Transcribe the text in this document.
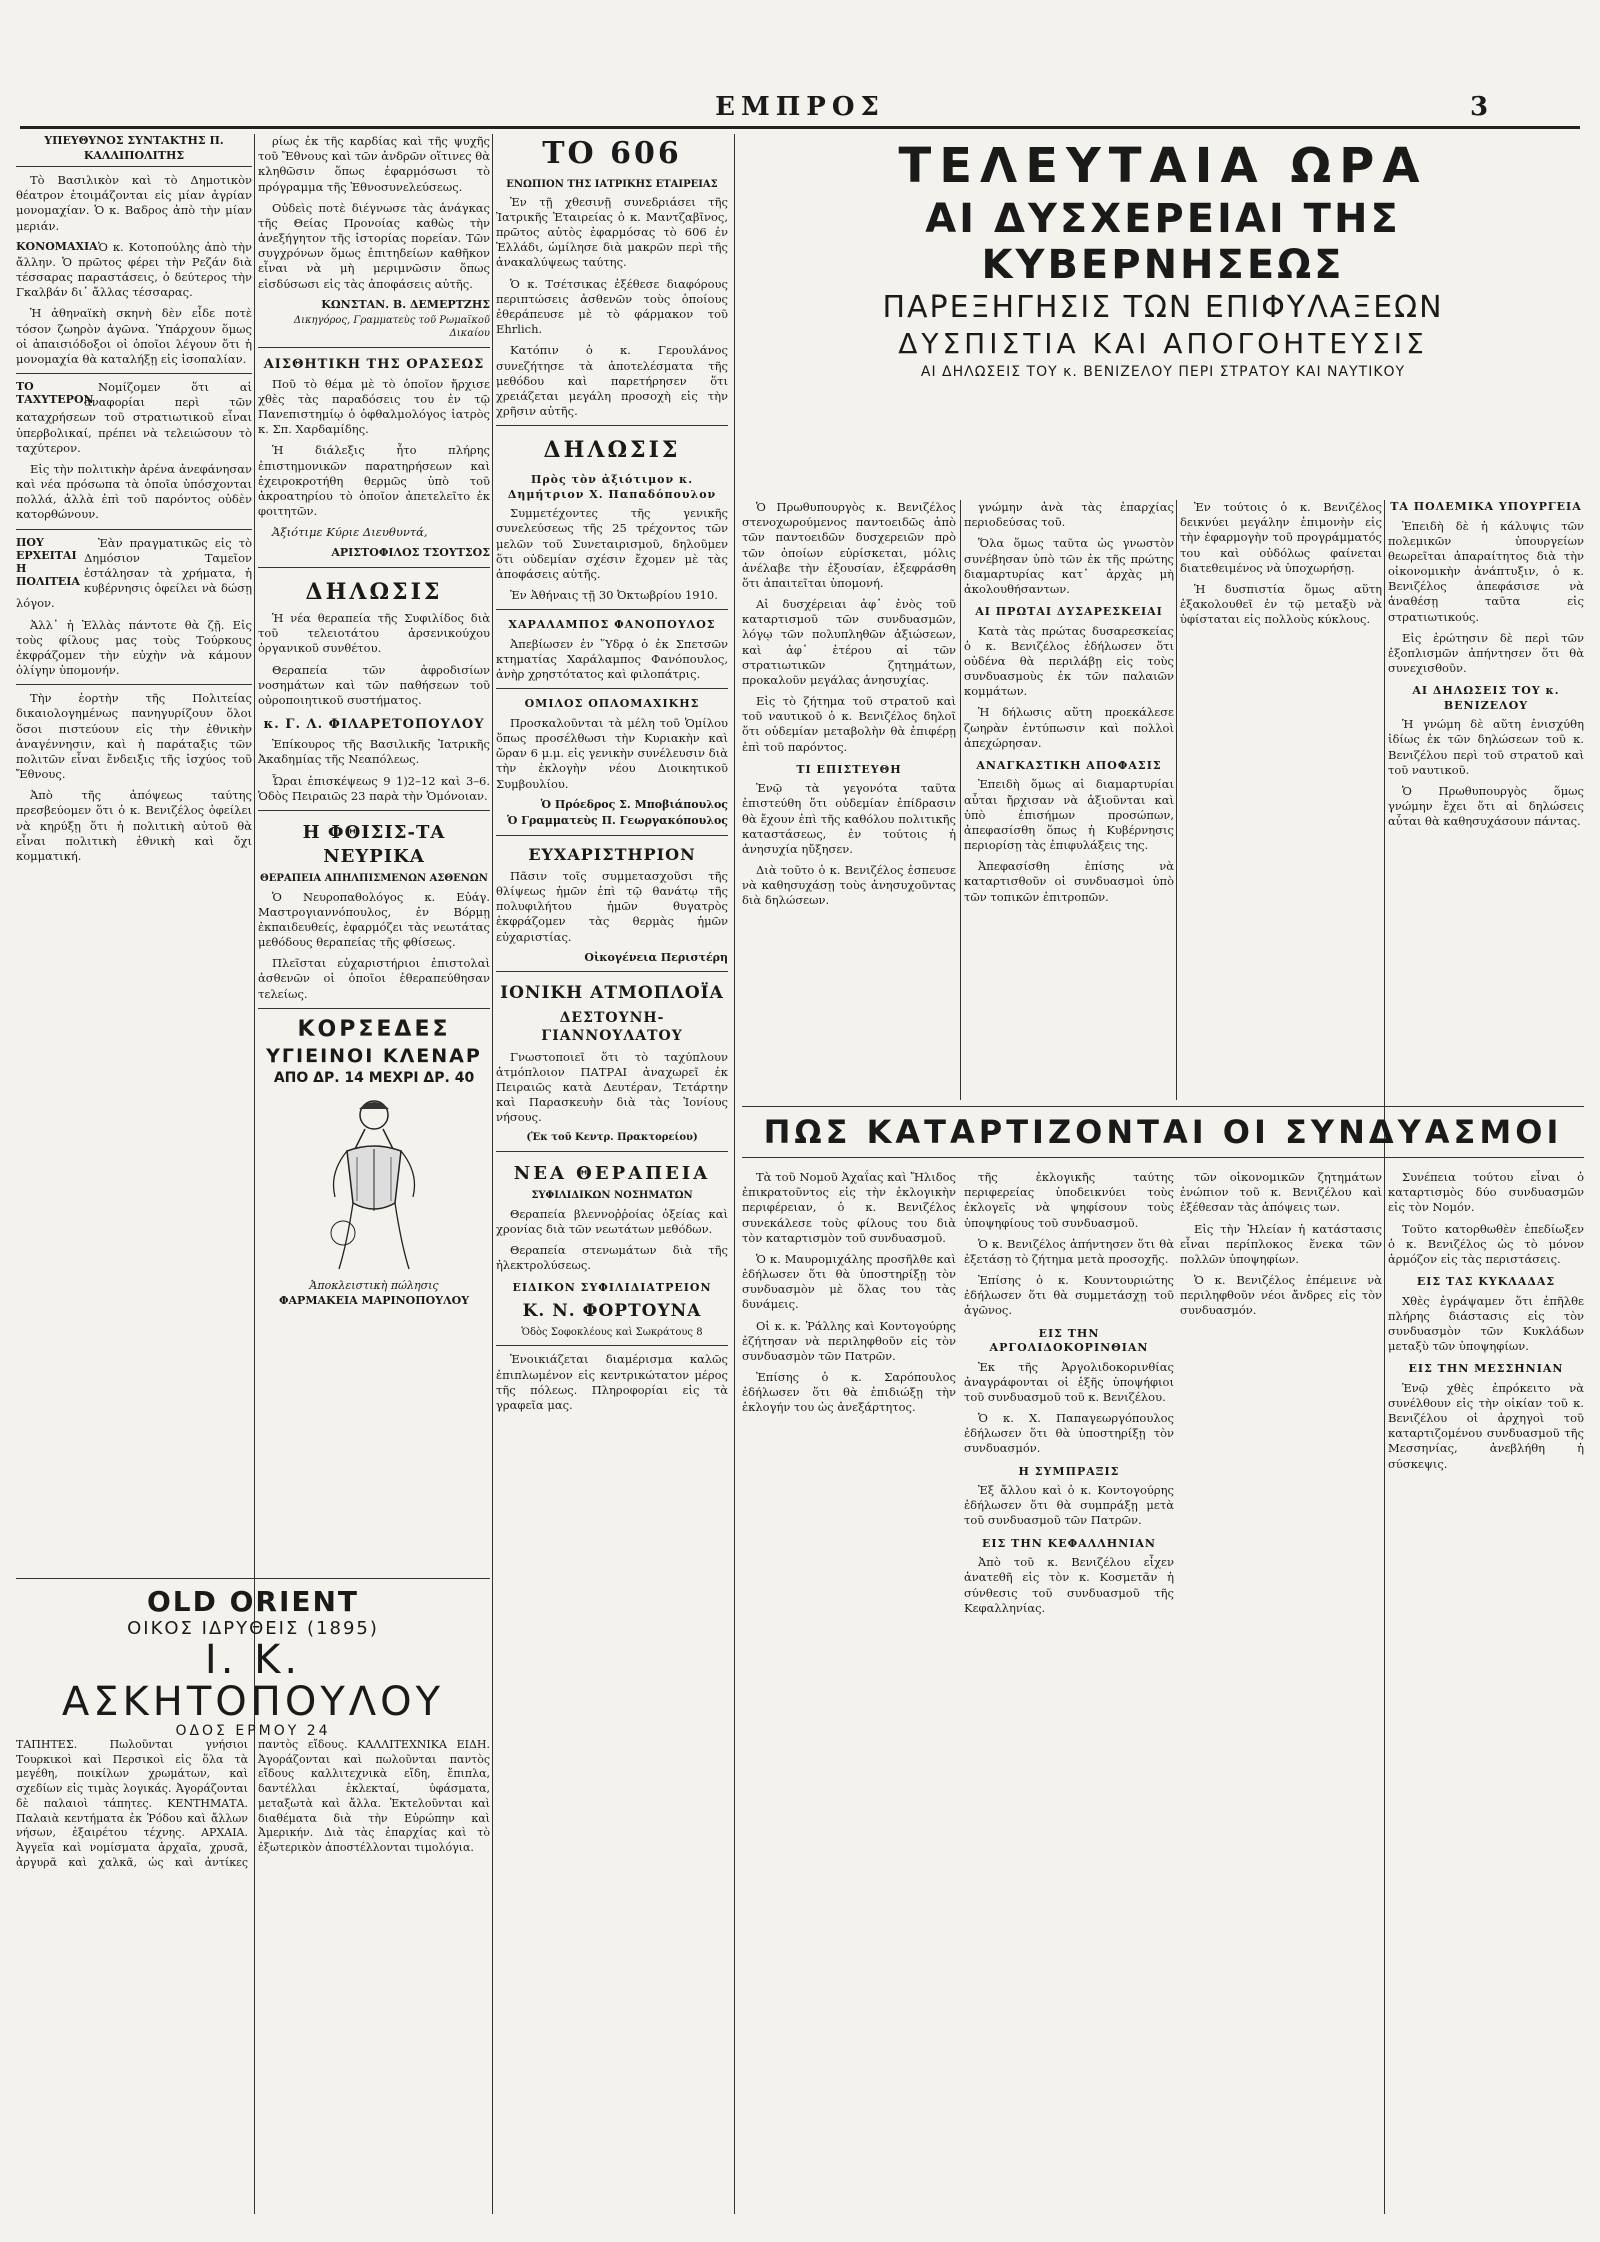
ΕΜΠΡΟΣ	3
ΥΠΕΥΘΥΝΟΣ ΣΥΝΤΑΚΤΗΣ Π. ΚΑΛΛΙΠΟΛΙΤΗΣ

Τὸ Βασιλικὸν καὶ τὸ Δημοτικὸν θέατρον ἑτοιμάζονται εἰς μίαν ἀγρίαν μονομαχίαν. Ὁ κ. Βαδρος ἀπὸ τὴν μίαν μεριάν.

ΚΟΝΟΜΑΧΙΑ Ὁ κ. Κοτοπούλης ἀπὸ τὴν ἄλλην. Ὁ πρῶτος φέρει τὴν Ρεζάν διὰ τέσσαρας παραστάσεις, ὁ δεύτερος τὴν Γκαλβάν δι᾽ ἄλλας τέσσαρας.

Ἡ ἀθηναϊκὴ σκηνὴ δὲν εἶδε ποτὲ τόσον ζωηρὸν ἀγῶνα. Ὑπάρχουν ὅμως οἱ ἀπαισιόδοξοι οἱ ὁποῖοι λέγουν ὅτι ἡ μονομαχία θὰ καταλήξῃ εἰς ἰσοπαλίαν.

ΤΟ ΤΑΧΥΤΕΡΟΝ

Νομίζομεν ὅτι αἱ ἀναφορίαι περὶ τῶν καταχρήσεων τοῦ στρατιωτικοῦ εἶναι ὑπερβολικαί, πρέπει νὰ τελειώσουν τὸ ταχύτερον.

Εἰς τὴν πολιτικὴν ἀρένα ἀνεφάνησαν καὶ νέα πρόσωπα τὰ ὁποῖα ὑπόσχονται πολλά, ἀλλὰ ἐπὶ τοῦ παρόντος οὐδὲν κατορθώνουν.

ΠΟΥ ΕΡΧΕΙΤΑΙ Η ΠΟΛΙΤΕΙΑ

Ἐὰν πραγματικῶς εἰς τὸ Δημόσιον Ταμεῖον ἐστάλησαν τὰ χρήματα, ἡ κυβέρνησις ὀφείλει νὰ δώσῃ λόγον.

Ἀλλ᾽ ἡ Ἑλλὰς πάντοτε θὰ ζῇ. Εἰς τοὺς φίλους μας τοὺς Τούρκους ἐκφράζομεν τὴν εὐχὴν νὰ κάμουν ὀλίγην ὑπομονήν.

Τὴν ἑορτὴν τῆς Πολιτείας δικαιολογημένως πανηγυρίζουν ὅλοι ὅσοι πιστεύουν εἰς τὴν ἐθνικὴν ἀναγέννησιν, καὶ ἡ παράταξις τῶν πολιτῶν εἶναι ἔνδειξις τῆς ἰσχύος τοῦ Ἔθνους.

Ἀπὸ τῆς ἀπόψεως ταύτης πρεσβεύομεν ὅτι ὁ κ. Βενιζέλος ὀφείλει νὰ κηρύξῃ ὅτι ἡ πολιτικὴ αὐτοῦ θὰ εἶναι πολιτικὴ ἐθνικὴ καὶ ὄχι κομματική.

ρίως ἐκ τῆς καρδίας καὶ τῆς ψυχῆς τοῦ Ἔθνους καὶ τῶν ἀνδρῶν οἵτινες θὰ κληθῶσιν ὅπως ἐφαρμόσωσι τὸ πρόγραμμα τῆς Ἐθνοσυνελεύσεως.

Οὐδεὶς ποτὲ διέγνωσε τὰς ἀνάγκας τῆς Θείας Προνοίας καθὼς τὴν ἀνεξήγητον τῆς ἱστορίας πορείαν. Τῶν συγχρόνων ὅμως ἐπιτηδείων καθῆκον εἶναι νὰ μὴ μεριμνῶσιν ὅπως εἰσδύσωσι εἰς τὰς ἀποφάσεις αὐτῆς.

ΚΩΝΣΤΑΝ. Β. ΔΕΜΕΡΤΖΗΣ
Δικηγόρος, Γραμματεὺς τοῦ Ρωμαϊκοῦ Δικαίου
ΑΙΣΘΗΤΙΚΗ ΤΗΣ ΟΡΑΣΕΩΣ

Ποῦ τὸ θέμα μὲ τὸ ὁποῖον ἤρχισε χθὲς τὰς παραδόσεις του ἐν τῷ Πανεπιστημίῳ ὁ ὀφθαλμολόγος ἰατρὸς κ. Σπ. Χαρδαμίδης.

Ἡ διάλεξις ἦτο πλήρης ἐπιστημονικῶν παρατηρήσεων καὶ ἐχειροκροτήθη θερμῶς ὑπὸ τοῦ ἀκροατηρίου τὸ ὁποῖον ἀπετελεῖτο ἐκ φοιτητῶν.

Ἀξιότιμε Κύριε Διευθυντά,

ΑΡΙΣΤΟΦΙΛΟΣ ΤΣΟΥΤΣΟΣ
ΔΗΛΩΣΙΣ

Ἡ νέα θεραπεία τῆς Συφιλίδος διὰ τοῦ τελειοτάτου ἀρσενικούχου ὀργανικοῦ συνθέτου.

Θεραπεία τῶν ἀφροδισίων νοσημάτων καὶ τῶν παθήσεων τοῦ οὐροποιητικοῦ συστήματος.

κ. Γ. Λ. ΦΙΛΑΡΕΤΟΠΟΥΛΟΥ

Ἐπίκουρος τῆς Βασιλικῆς Ἰατρικῆς Ἀκαδημίας τῆς Νεαπόλεως.

Ὧραι ἐπισκέψεως 9 1)2–12 καὶ 3–6. Ὁδὸς Πειραιῶς 23 παρὰ τὴν Ὁμόνοιαν.

Η ΦΘΙΣΙΣ-ΤΑ ΝΕΥΡΙΚΑ
ΘΕΡΑΠΕΙΑ ΑΠΗΛΠΙΣΜΕΝΩΝ ΑΣΘΕΝΩΝ

Ὁ Νευροπαθολόγος κ. Εὐάγ. Μαστρογιαννόπουλος, ἐν Βόρμῃ ἐκπαιδευθείς, ἐφαρμόζει τὰς νεωτάτας μεθόδους θεραπείας τῆς φθίσεως.

Πλεῖσται εὐχαριστήριοι ἐπιστολαὶ ἀσθενῶν οἱ ὁποῖοι ἐθεραπεύθησαν τελείως.

ΚΟΡΣΕΔΕΣ
ΥΓΙΕΙΝΟΙ ΚΛΕΝΑΡ
ΑΠΟ ΔΡ. 14 ΜΕΧΡΙ ΔΡ. 40
Ἀποκλειστικὴ πώλησις
ΦΑΡΜΑΚΕΙΑ ΜΑΡΙΝΟΠΟΥΛΟΥ
ΤΟ 606
ΕΝΩΠΙΟΝ ΤΗΣ ΙΑΤΡΙΚΗΣ ΕΤΑΙΡΕΙΑΣ

Ἐν τῇ χθεσινῇ συνεδριάσει τῆς Ἰατρικῆς Ἑταιρείας ὁ κ. Μαντζαβῖνος, πρῶτος αὐτὸς ἐφαρμόσας τὸ 606 ἐν Ἑλλάδι, ὡμίλησε διὰ μακρῶν περὶ τῆς ἀνακαλύψεως ταύτης.

Ὁ κ. Τσέτσικας ἐξέθεσε διαφόρους περιπτώσεις ἀσθενῶν τοὺς ὁποίους ἐθεράπευσε μὲ τὸ φάρμακον τοῦ Ehrlich.

Κατόπιν ὁ κ. Γερουλάνος συνεζήτησε τὰ ἀποτελέσματα τῆς μεθόδου καὶ παρετήρησεν ὅτι χρειάζεται μεγάλη προσοχὴ εἰς τὴν χρῆσιν αὐτῆς.

ΔΗΛΩΣΙΣ
Πρὸς τὸν ἀξιότιμον κ. Δημήτριον Χ. Παπαδόπουλον

Συμμετέχοντες τῆς γενικῆς συνελεύσεως τῆς 25 τρέχοντος τῶν μελῶν τοῦ Συνεταιρισμοῦ, δηλοῦμεν ὅτι οὐδεμίαν σχέσιν ἔχομεν μὲ τὰς ἀποφάσεις αὐτῆς.

Ἐν Ἀθήναις τῇ 30 Ὀκτωβρίου 1910.

ΧΑΡΑΛΑΜΠΟΣ ΦΑΝΟΠΟΥΛΟΣ

Ἀπεβίωσεν ἐν Ὕδρᾳ ὁ ἐκ Σπετσῶν κτηματίας Χαράλαμπος Φανόπουλος, ἀνὴρ χρηστότατος καὶ φιλοπάτρις.

ΟΜΙΛΟΣ ΟΠΛΟΜΑΧΙΚΗΣ

Προσκαλοῦνται τὰ μέλη τοῦ Ὁμίλου ὅπως προσέλθωσι τὴν Κυριακὴν καὶ ὥραν 6 μ.μ. εἰς γενικὴν συνέλευσιν διὰ τὴν ἐκλογὴν νέου Διοικητικοῦ Συμβουλίου.

Ὁ Πρόεδρος Σ. Μποβιάπουλος
Ὁ Γραμματεὺς Π. Γεωργακόπουλος
ΕΥΧΑΡΙΣΤΗΡΙΟΝ

Πᾶσιν τοῖς συμμετασχοῦσι τῆς θλίψεως ἡμῶν ἐπὶ τῷ θανάτῳ τῆς πολυφιλήτου ἡμῶν θυγατρὸς ἐκφράζομεν τὰς θερμὰς ἡμῶν εὐχαριστίας.

Οἰκογένεια Περιστέρη
ΙΟΝΙΚΗ ΑΤΜΟΠΛΟΪΑ
ΔΕΣΤΟΥΝΗ-ΓΙΑΝΝΟΥΛΑΤΟΥ

Γνωστοποιεῖ ὅτι τὸ ταχύπλουν ἀτμόπλοιον ΠΑΤΡΑΙ ἀναχωρεῖ ἐκ Πειραιῶς κατὰ Δευτέραν, Τετάρτην καὶ Παρασκευὴν διὰ τὰς Ἰονίους νήσους.

(Ἐκ τοῦ Κεντρ. Πρακτορείου)
ΝΕΑ ΘΕΡΑΠΕΙΑ
ΣΥΦΙΛΙΔΙΚΩΝ ΝΟΣΗΜΑΤΩΝ

Θεραπεία βλεννοῤῥοίας ὀξείας καὶ χρονίας διὰ τῶν νεωτάτων μεθόδων.

Θεραπεία στενωμάτων διὰ τῆς ἠλεκτρολύσεως.

ΕΙΔΙΚΟΝ ΣΥΦΙΛΙΔΙΑΤΡΕΙΟΝ
Κ. Ν. ΦΟΡΤΟΥΝΑ
Ὁδὸς Σοφοκλέους καὶ Σωκράτους 8

Ἐνοικιάζεται διαμέρισμα καλῶς ἐπιπλωμένον εἰς κεντρικώτατον μέρος τῆς πόλεως. Πληροφορίαι εἰς τὰ γραφεῖα μας.

ΤΕΛΕΥΤΑΙΑ ΩΡΑ
ΑΙ ΔΥΣΧΕΡΕΙΑΙ ΤΗΣ ΚΥΒΕΡΝΗΣΕΩΣ
ΠΑΡΕΞΗΓΗΣΙΣ ΤΩΝ ΕΠΙΦΥΛΑΞΕΩΝ
ΔΥΣΠΙΣΤΙΑ ΚΑΙ ΑΠΟΓΟΗΤΕΥΣΙΣ
ΑΙ ΔΗΛΩΣΕΙΣ ΤΟΥ κ. ΒΕΝΙΖΕΛΟΥ ΠΕΡΙ ΣΤΡΑΤΟΥ ΚΑΙ ΝΑΥΤΙΚΟΥ

Ὁ Πρωθυπουργὸς κ. Βενιζέλος στενοχωρούμενος παντοειδῶς ἀπὸ τῶν παντοειδῶν δυσχερειῶν πρὸ τῶν ὁποίων εὑρίσκεται, μόλις ἀνέλαβε τὴν ἐξουσίαν, ἐξεφράσθη ὅτι ἀπαιτεῖται ὑπομονή.

Αἱ δυσχέρειαι ἀφ᾽ ἑνὸς τοῦ καταρτισμοῦ τῶν συνδυασμῶν, λόγῳ τῶν πολυπληθῶν ἀξιώσεων, καὶ ἀφ᾽ ἑτέρου αἱ τῶν στρατιωτικῶν ζητημάτων, προκαλοῦν μεγάλας ἀνησυχίας.

Εἰς τὸ ζήτημα τοῦ στρατοῦ καὶ τοῦ ναυτικοῦ ὁ κ. Βενιζέλος δηλοῖ ὅτι οὐδεμίαν μεταβολὴν θὰ ἐπιφέρῃ ἐπὶ τοῦ παρόντος.

ΤΙ ΕΠΙΣΤΕΥΘΗ

Ἐνῷ τὰ γεγονότα ταῦτα ἐπιστεύθη ὅτι οὐδεμίαν ἐπίδρασιν θὰ ἔχουν ἐπὶ τῆς καθόλου πολιτικῆς καταστάσεως, ἐν τούτοις ἡ ἀνησυχία ηὔξησεν.

Διὰ τοῦτο ὁ κ. Βενιζέλος ἐσπευσε νὰ καθησυχάσῃ τοὺς ἀνησυχοῦντας διὰ δηλώσεων.

γνώμην ἀνὰ τὰς ἐπαρχίας περιοδεύσας τοῦ.

Ὅλα ὅμως ταῦτα ὡς γνωστὸν συνέβησαν ὑπὸ τῶν ἐκ τῆς πρώτης διαμαρτυρίας κατ᾽ ἀρχὰς μὴ ἀκολουθήσαντων.

ΑΙ ΠΡΩΤΑΙ ΔΥΣΑΡΕΣΚΕΙΑΙ

Κατὰ τὰς πρώτας δυσαρεσκείας ὁ κ. Βενιζέλος ἐδήλωσεν ὅτι οὐδένα θὰ περιλάβῃ εἰς τοὺς συνδυασμοὺς ἐκ τῶν παλαιῶν κομμάτων.

Ἡ δήλωσις αὕτη προεκάλεσε ζωηρὰν ἐντύπωσιν καὶ πολλοὶ ἀπεχώρησαν.

ΑΝΑΓΚΑΣΤΙΚΗ ΑΠΟΦΑΣΙΣ

Ἐπειδὴ ὅμως αἱ διαμαρτυρίαι αὗται ἤρχισαν νὰ ἀξιοῦνται καὶ ὑπὸ ἐπισήμων προσώπων, ἀπεφασίσθη ὅπως ἡ Κυβέρνησις περιορίσῃ τὰς ἐπιφυλάξεις της.

Ἀπεφασίσθη ἐπίσης νὰ καταρτισθοῦν οἱ συνδυασμοὶ ὑπὸ τῶν τοπικῶν ἐπιτροπῶν.

Ἐν τούτοις ὁ κ. Βενιζέλος δεικνύει μεγάλην ἐπιμονὴν εἰς τὴν ἐφαρμογὴν τοῦ προγράμματός του καὶ οὐδόλως φαίνεται διατεθειμένος νὰ ὑποχωρήσῃ.

Ἡ δυσπιστία ὅμως αὕτη ἐξακολουθεῖ ἐν τῷ μεταξὺ νὰ ὑφίσταται εἰς πολλοὺς κύκλους.

ΤΑ ΠΟΛΕΜΙΚΑ ΥΠΟΥΡΓΕΙΑ

Ἐπειδὴ δὲ ἡ κάλυψις τῶν πολεμικῶν ὑπουργείων θεωρεῖται ἀπαραίτητος διὰ τὴν οἰκονομικὴν ἀνάπτυξιν, ὁ κ. Βενιζέλος ἀπεφάσισε νὰ ἀναθέσῃ ταῦτα εἰς στρατιωτικούς.

Εἰς ἐρώτησιν δὲ περὶ τῶν ἐξοπλισμῶν ἀπήντησεν ὅτι θὰ συνεχισθοῦν.

ΑΙ ΔΗΛΩΣΕΙΣ ΤΟΥ κ. ΒΕΝΙΖΕΛΟΥ

Ἡ γνώμη δὲ αὕτη ἐνισχύθη ἰδίως ἐκ τῶν δηλώσεων τοῦ κ. Βενιζέλου περὶ τοῦ στρατοῦ καὶ τοῦ ναυτικοῦ.

Ὁ Πρωθυπουργὸς ὅμως γνώμην ἔχει ὅτι αἱ δηλώσεις αὗται θὰ καθησυχάσουν πάντας.

ΠΩΣ ΚΑΤΑΡΤΙΖΟΝΤΑΙ ΟΙ ΣΥΝΔΥΑΣΜΟΙ

Τὰ τοῦ Νομοῦ Ἀχαΐας καὶ Ἤλιδος ἐπικρατοῦντος εἰς τὴν ἐκλογικὴν περιφέρειαν, ὁ κ. Βενιζέλος συνεκάλεσε τοὺς φίλους του διὰ τὸν καταρτισμὸν τοῦ συνδυασμοῦ.

Ὁ κ. Μαυρομιχάλης προσῆλθε καὶ ἐδήλωσεν ὅτι θὰ ὑποστηρίξῃ τὸν συνδυασμὸν μὲ ὅλας του τὰς δυνάμεις.

Οἱ κ. κ. Ῥάλλης καὶ Κοντογούρης ἐζήτησαν νὰ περιληφθοῦν εἰς τὸν συνδυασμὸν τῶν Πατρῶν.

Ἐπίσης ὁ κ. Σαρόπουλος ἐδήλωσεν ὅτι θὰ ἐπιδιώξῃ τὴν ἐκλογήν του ὡς ἀνεξάρτητος.

τῆς ἐκλογικῆς ταύτης περιφερείας ὑποδεικνύει τοὺς ἐκλογεῖς νὰ ψηφίσουν τοὺς ὑποψηφίους τοῦ συνδυασμοῦ.

Ὁ κ. Βενιζέλος ἀπήντησεν ὅτι θὰ ἐξετάσῃ τὸ ζήτημα μετὰ προσοχῆς.

Ἐπίσης ὁ κ. Κουντουριώτης ἐδήλωσεν ὅτι θὰ συμμετάσχῃ τοῦ ἀγῶνος.

ΕΙΣ ΤΗΝ ΑΡΓΟΛΙΔΟΚΟΡΙΝΘΙΑΝ

Ἐκ τῆς Ἀργολιδοκορινθίας ἀναγράφονται οἱ ἑξῆς ὑποψήφιοι τοῦ συνδυασμοῦ τοῦ κ. Βενιζέλου.

Ὁ κ. Χ. Παπαγεωργόπουλος ἐδήλωσεν ὅτι θὰ ὑποστηρίξῃ τὸν συνδυασμόν.

Η ΣΥΜΠΡΑΞΙΣ

Ἐξ ἄλλου καὶ ὁ κ. Κοντογούρης ἐδήλωσεν ὅτι θὰ συμπράξῃ μετὰ τοῦ συνδυασμοῦ τῶν Πατρῶν.

ΕΙΣ ΤΗΝ ΚΕΦΑΛΛΗΝΙΑΝ

Ἀπὸ τοῦ κ. Βενιζέλου εἶχεν ἀνατεθῆ εἰς τὸν κ. Κοσμετᾶν ἡ σύνθεσις τοῦ συνδυασμοῦ τῆς Κεφαλληνίας.

τῶν οἰκονομικῶν ζητημάτων ἐνώπιον τοῦ κ. Βενιζέλου καὶ ἐξέθεσαν τὰς ἀπόψεις των.

Εἰς τὴν Ἠλείαν ἡ κατάστασις εἶναι περίπλοκος ἕνεκα τῶν πολλῶν ὑποψηφίων.

Ὁ κ. Βενιζέλος ἐπέμεινε νὰ περιληφθοῦν νέοι ἄνδρες εἰς τὸν συνδυασμόν.

Συνέπεια τούτου εἶναι ὁ καταρτισμὸς δύο συνδυασμῶν εἰς τὸν Νομόν.

Τοῦτο κατορθωθὲν ἐπεδίωξεν ὁ κ. Βενιζέλος ὡς τὸ μόνον ἀρμόζον εἰς τὰς περιστάσεις.

ΕΙΣ ΤΑΣ ΚΥΚΛΑΔΑΣ

Χθὲς ἐγράψαμεν ὅτι ἐπῆλθε πλήρης διάστασις εἰς τὸν συνδυασμὸν τῶν Κυκλάδων μεταξὺ τῶν ὑποψηφίων.

ΕΙΣ ΤΗΝ ΜΕΣΣΗΝΙΑΝ

Ἐνῷ χθὲς ἐπρόκειτο νὰ συνέλθουν εἰς τὴν οἰκίαν τοῦ κ. Βενιζέλου οἱ ἀρχηγοὶ τοῦ καταρτιζομένου συνδυασμοῦ τῆς Μεσσηνίας, ἀνεβλήθη ἡ σύσκεψις.

OLD ORIENT
ΟΙΚΟΣ ΙΔΡΥΘΕΙΣ (1895)
Ι. Κ. ΑΣΚΗΤΟΠΟΥΛΟΥ
ΟΔΟΣ ΕΡΜΟΥ 24
ΤΑΠΗΤΕΣ. Πωλοῦνται γνήσιοι Τουρκικοὶ καὶ Περσικοὶ εἰς ὅλα τὰ μεγέθη, ποικίλων χρωμάτων, καὶ σχεδίων εἰς τιμὰς λογικάς. Ἀγοράζονται δὲ παλαιοὶ τάπητες. ΚΕΝΤΗΜΑΤΑ. Παλαιὰ κεντήματα ἐκ Ῥόδου καὶ ἄλλων νήσων, ἐξαιρέτου τέχνης. ΑΡΧΑΙΑ. Ἀγγεῖα καὶ νομίσματα ἀρχαῖα, χρυσᾶ, ἀργυρᾶ καὶ χαλκᾶ, ὡς καὶ ἀντίκες παντὸς εἴδους. ΚΑΛΛΙΤΕΧΝΙΚΑ ΕΙΔΗ. Ἀγοράζονται καὶ πωλοῦνται παντὸς εἴδους καλλιτεχνικὰ εἴδη, ἔπιπλα, δαντέλλαι ἐκλεκταί, ὑφάσματα, μεταξωτὰ καὶ ἄλλα. Ἐκτελοῦνται καὶ διαθέματα διὰ τὴν Εὐρώπην καὶ Ἀμερικήν. Διὰ τὰς ἐπαρχίας καὶ τὸ ἐξωτερικὸν ἀποστέλλονται τιμολόγια.
